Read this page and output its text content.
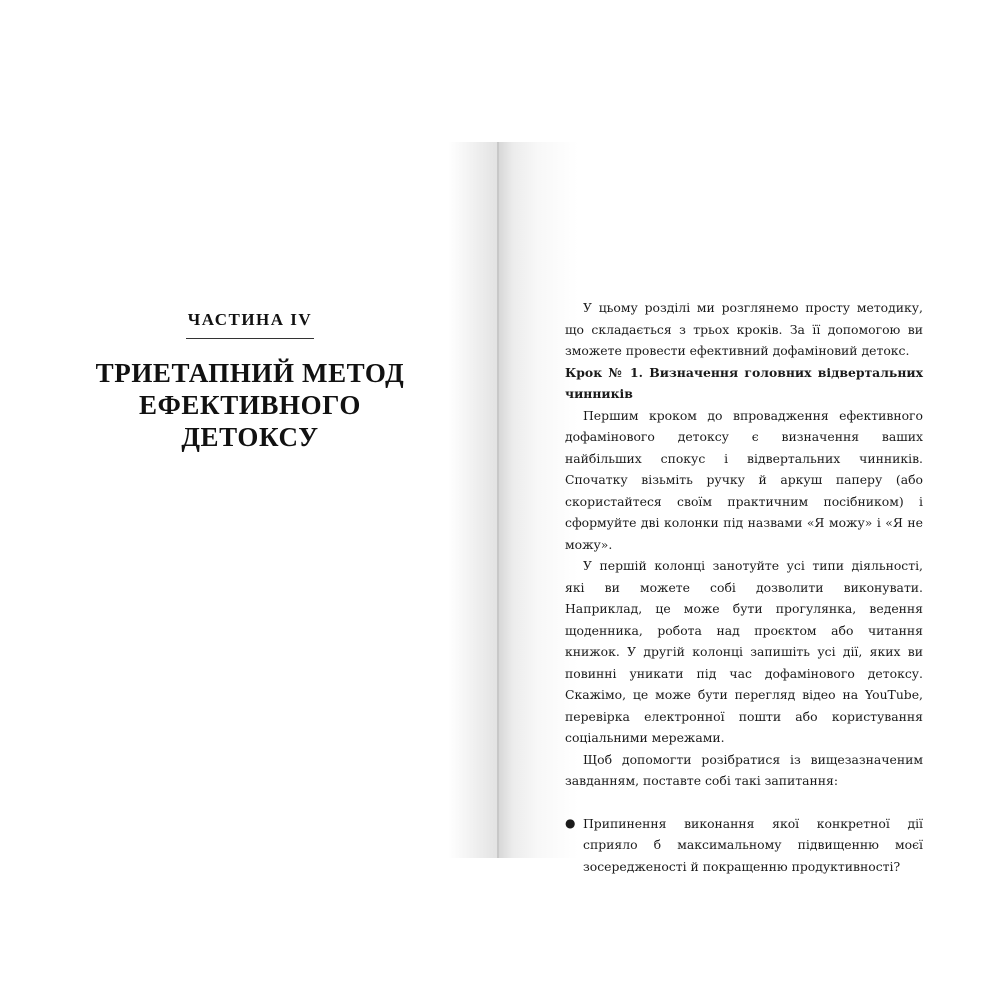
ЧАСТИНА IV
ТРИЕТАПНИЙ МЕТОД
ЕФЕКТИВНОГО ДЕТОКСУ

У цьому розділі ми розглянемо просту методику, що складається з трьох кроків. За її допомогою ви зможете провести ефективний дофаміновий детокс.

Крок № 1. Визначення головних відвертальних чинників

Першим кроком до впровадження ефективного дофамінового детоксу є визначення ваших найбільших спокус і відвертальних чинників. Спочатку візьміть ручку й аркуш паперу (або скористайтеся своїм практичним посібником) і сформуйте дві колонки під назвами «Я можу» і «Я не можу».

У першій колонці занотуйте усі типи діяльності, які ви можете собі дозволити виконувати. Наприклад, це може бути прогулянка, ведення щоденника, робота над проєктом або читання книжок. У другій колонці запишіть усі дії, яких ви повинні уникати під час дофамінового детоксу. Скажімо, це може бути перегляд відео на YouTube, перевірка електронної пошти або користування соціальними мережами.

Щоб допомогти розібратися із вищезазначеним завданням, поставте собі такі запитання:

● Припинення виконання якої конкретної дії сприяло б максимальному підвищенню моєї зосередженості й покращенню продуктивності?
